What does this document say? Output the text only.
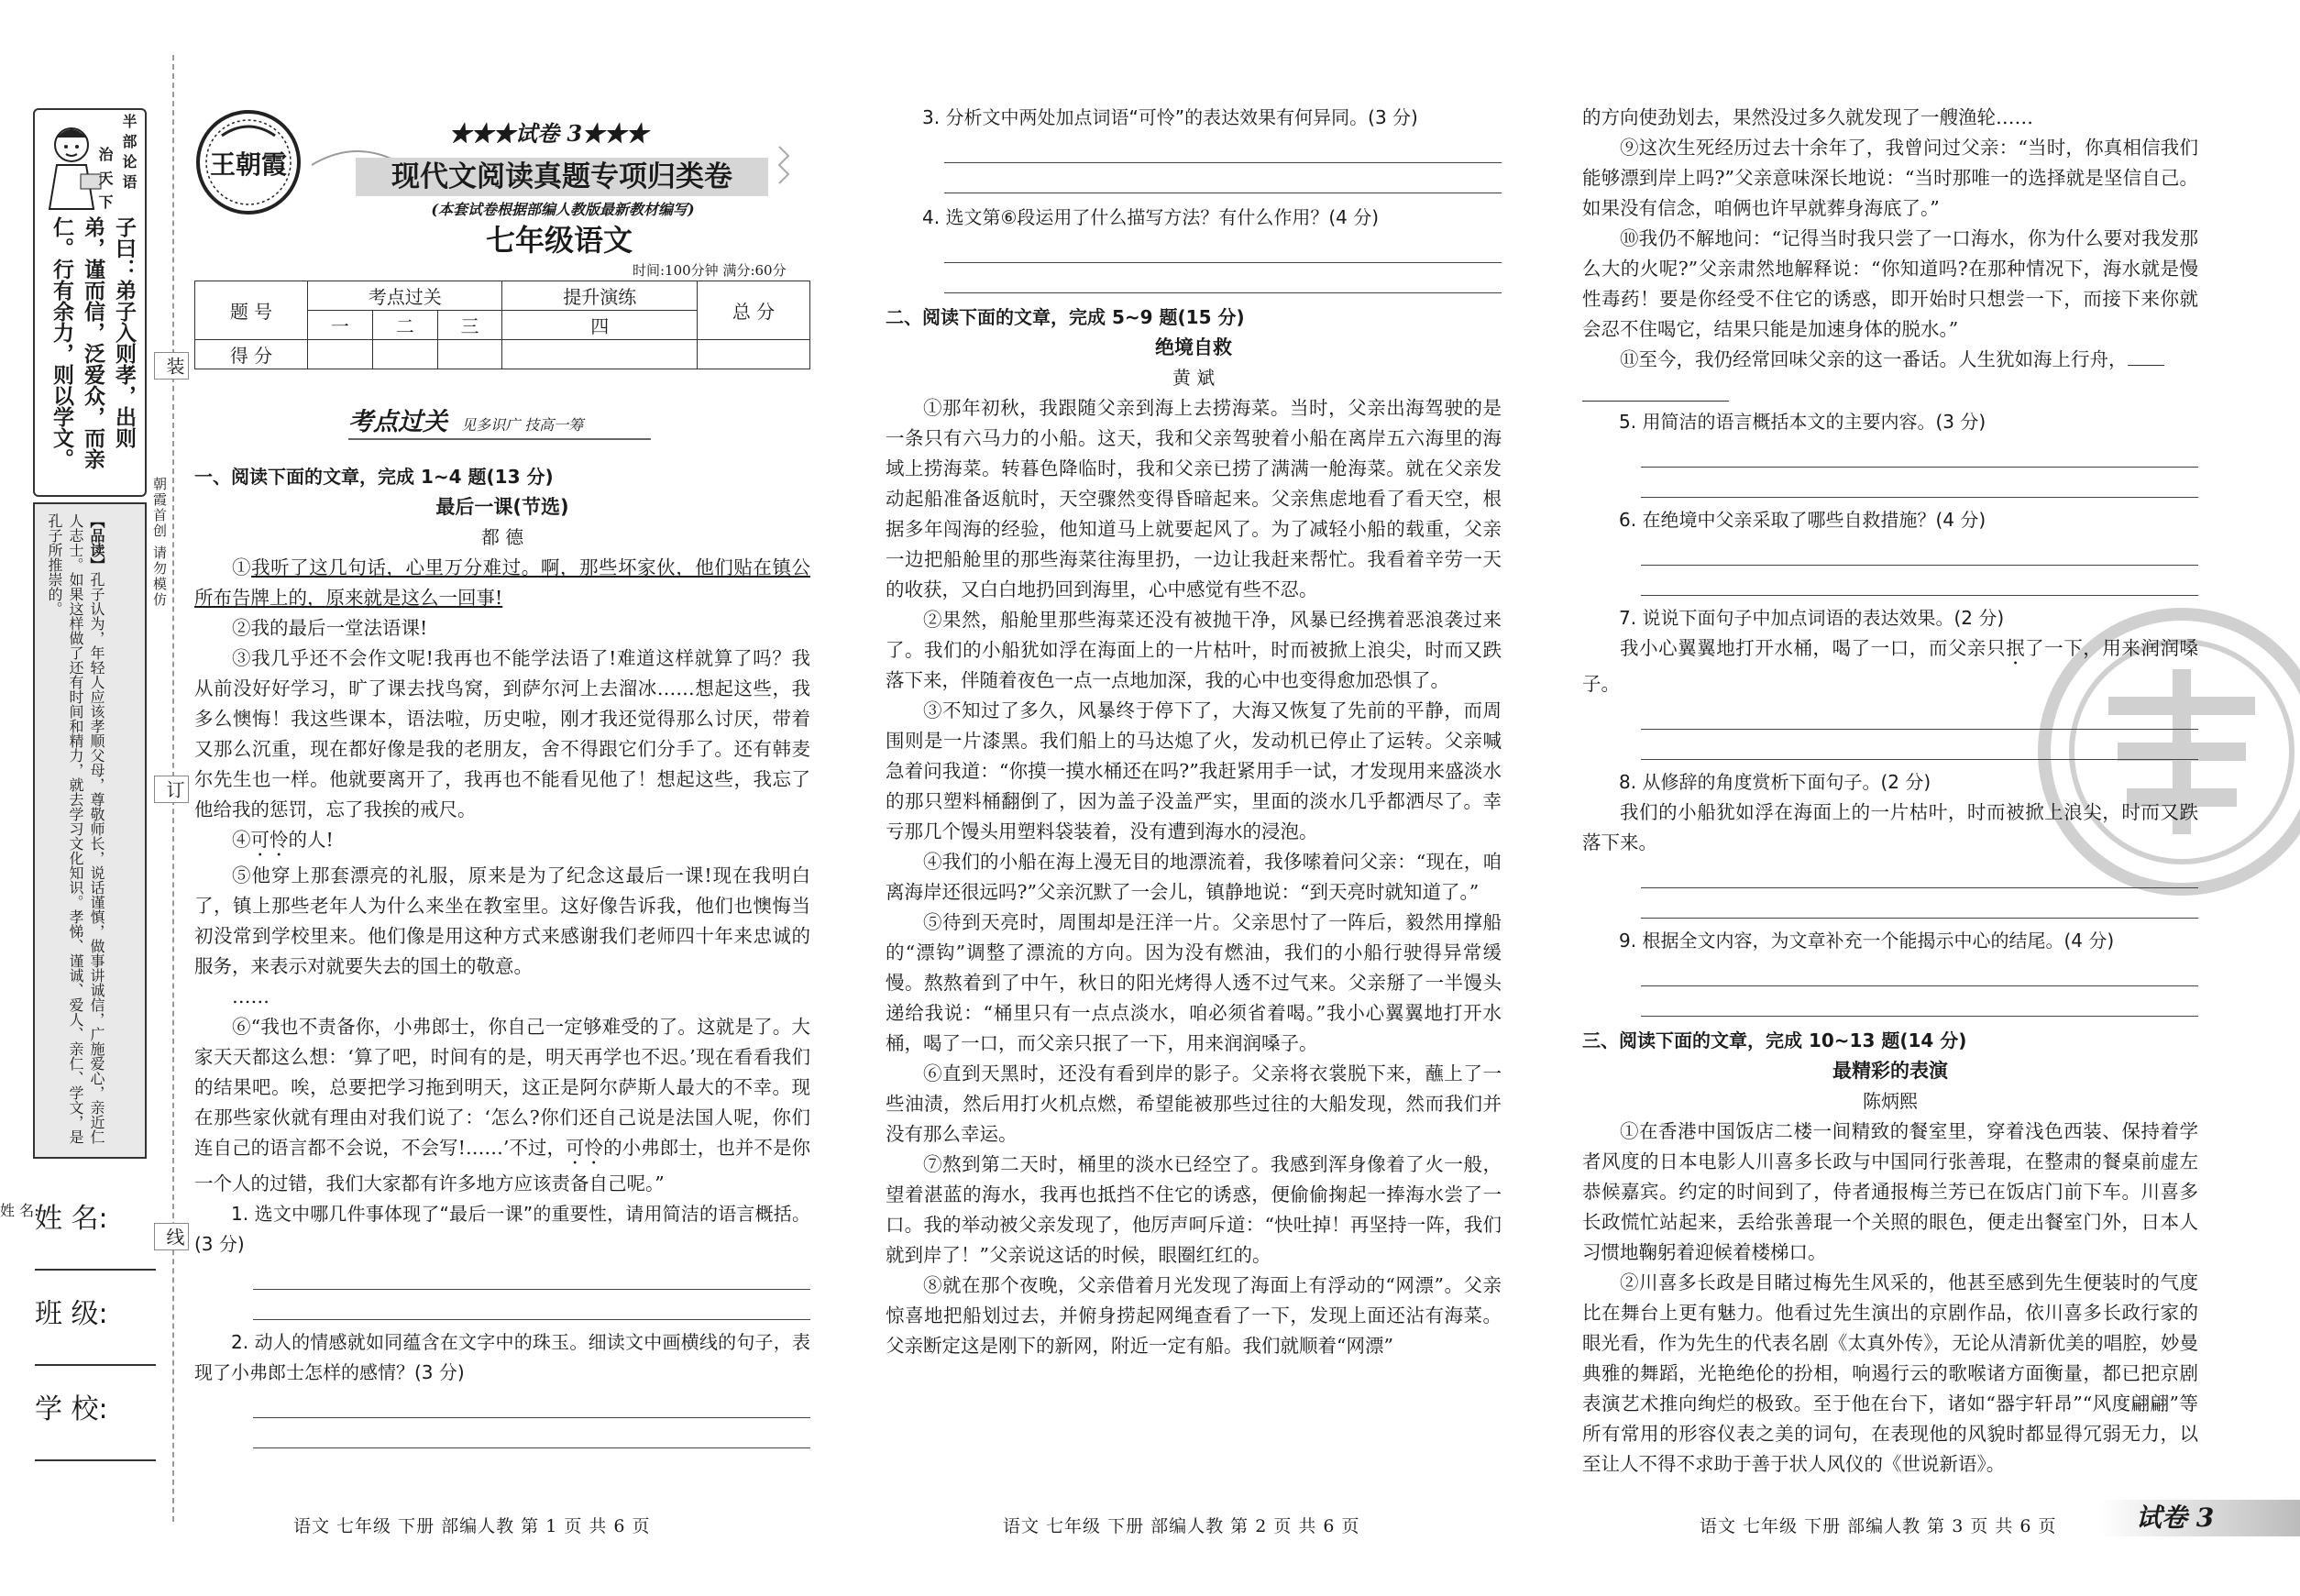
半部论语
治天下
子曰：弟子入则孝，出则弟，谨而信，泛爱众，而亲仁。行有余力，则以学文。
【品读】孔子认为，年轻人应该孝顺父母，尊敬师长，说话谨慎，做事讲诚信，广施爱心，亲近仁人志士。如果这样做了还有时间和精力，就去学习文化知识。孝悌、谨诚、爱人、亲仁、学文，是孔子所推崇的。	朝霞首创 请勿模仿
姓 名:
装
订
线
姓 名:
班 级:
学 校:
王朝霞
★★★试卷 3★★★
现代文阅读真题专项归类卷
(本套试卷根据部编人教版最新教材编写)
七年级语文
时间:100分钟 满分:60分
题 号	考点过关			提升演练	总 分
	一	二	三	四	
得 分					
考点过关 见多识广 技高一筹
一、阅读下面的文章，完成 1~4 题(13 分)
最后一课(节选)
都 德

①我听了这几句话，心里万分难过。啊，那些坏家伙，他们贴在镇公所布告牌上的，原来就是这么一回事!

②我的最后一堂法语课!

③我几乎还不会作文呢!我再也不能学法语了!难道这样就算了吗？我从前没好好学习，旷了课去找鸟窝，到萨尔河上去溜冰……想起这些，我多么懊悔！我这些课本，语法啦，历史啦，刚才我还觉得那么讨厌，带着又那么沉重，现在都好像是我的老朋友，舍不得跟它们分手了。还有韩麦尔先生也一样。他就要离开了，我再也不能看见他了！想起这些，我忘了他给我的惩罚，忘了我挨的戒尺。

④可怜的人!

⑤他穿上那套漂亮的礼服，原来是为了纪念这最后一课!现在我明白了，镇上那些老年人为什么来坐在教室里。这好像告诉我，他们也懊悔当初没常到学校里来。他们像是用这种方式来感谢我们老师四十年来忠诚的服务，来表示对就要失去的国土的敬意。

……

⑥“我也不责备你，小弗郎士，你自己一定够难受的了。这就是了。大家天天都这么想：‘算了吧，时间有的是，明天再学也不迟。’现在看看我们的结果吧。唉，总要把学习拖到明天，这正是阿尔萨斯人最大的不幸。现在那些家伙就有理由对我们说了：‘怎么?你们还自己说是法国人呢，你们连自己的语言都不会说，不会写!……’不过，可怜的小弗郎士，也并不是你一个人的过错，我们大家都有许多地方应该责备自己呢。”

1. 选文中哪几件事体现了“最后一课”的重要性，请用简洁的语言概括。(3 分)
2. 动人的情感就如同蕴含在文字中的珠玉。细读文中画横线的句子，表现了小弗郎士怎样的感情？(3 分)
语文 七年级 下册 部编人教 第 1 页 共 6 页
3. 分析文中两处加点词语“可怜”的表达效果有何异同。(3 分)
4. 选文第⑥段运用了什么描写方法？有什么作用？(4 分)
二、阅读下面的文章，完成 5~9 题(15 分)
绝境自救
黄 斌

①那年初秋，我跟随父亲到海上去捞海菜。当时，父亲出海驾驶的是一条只有六马力的小船。这天，我和父亲驾驶着小船在离岸五六海里的海域上捞海菜。转暮色降临时，我和父亲已捞了满满一舱海菜。就在父亲发动起船准备返航时，天空骤然变得昏暗起来。父亲焦虑地看了看天空，根据多年闯海的经验，他知道马上就要起风了。为了减轻小船的载重，父亲一边把船舱里的那些海菜往海里扔，一边让我赶来帮忙。我看着辛劳一天的收获，又白白地扔回到海里，心中感觉有些不忍。

②果然，船舱里那些海菜还没有被抛干净，风暴已经携着恶浪袭过来了。我们的小船犹如浮在海面上的一片枯叶，时而被掀上浪尖，时而又跌落下来，伴随着夜色一点一点地加深，我的心中也变得愈加恐惧了。

③不知过了多久，风暴终于停下了，大海又恢复了先前的平静，而周围则是一片漆黑。我们船上的马达熄了火，发动机已停止了运转。父亲喊急着问我道：“你摸一摸水桶还在吗?”我赶紧用手一试，才发现用来盛淡水的那只塑料桶翻倒了，因为盖子没盖严实，里面的淡水几乎都洒尽了。幸亏那几个馒头用塑料袋装着，没有遭到海水的浸泡。

④我们的小船在海上漫无目的地漂流着，我侈嗦着问父亲：“现在，咱离海岸还很远吗?”父亲沉默了一会儿，镇静地说：“到天亮时就知道了。”

⑤待到天亮时，周围却是汪洋一片。父亲思忖了一阵后，毅然用撑船的“漂钩”调整了漂流的方向。因为没有燃油，我们的小船行驶得异常缓慢。熬熬着到了中午，秋日的阳光烤得人透不过气来。父亲掰了一半馒头递给我说：“桶里只有一点点淡水，咱必须省着喝。”我小心翼翼地打开水桶，喝了一口，而父亲只抿了一下，用来润润嗓子。

⑥直到天黑时，还没有看到岸的影子。父亲将衣裳脱下来，蘸上了一些油渍，然后用打火机点燃，希望能被那些过往的大船发现，然而我们并没有那么幸运。

⑦熬到第二天时，桶里的淡水已经空了。我感到浑身像着了火一般，望着湛蓝的海水，我再也抵挡不住它的诱惑，便偷偷掬起一捧海水尝了一口。我的举动被父亲发现了，他厉声呵斥道：“快吐掉！再坚持一阵，我们就到岸了！”父亲说这话的时候，眼圈红红的。

⑧就在那个夜晚，父亲借着月光发现了海面上有浮动的“网漂”。父亲惊喜地把船划过去，并俯身捞起网绳查看了一下，发现上面还沾有海菜。父亲断定这是刚下的新网，附近一定有船。我们就顺着“网漂”

语文 七年级 下册 部编人教 第 2 页 共 6 页

的方向使劲划去，果然没过多久就发现了一艘渔轮……

⑨这次生死经历过去十余年了，我曾问过父亲：“当时，你真相信我们能够漂到岸上吗?”父亲意味深长地说：“当时那唯一的选择就是坚信自己。如果没有信念，咱俩也许早就葬身海底了。”

⑩我仍不解地问：“记得当时我只尝了一口海水，你为什么要对我发那么大的火呢?”父亲肃然地解释说：“你知道吗?在那种情况下，海水就是慢性毒药！要是你经受不住它的诱惑，即开始时只想尝一下，而接下来你就会忍不住喝它，结果只能是加速身体的脱水。”

⑪至今，我仍经常回味父亲的这一番话。人生犹如海上行舟，

5. 用简洁的语言概括本文的主要内容。(3 分)
6. 在绝境中父亲采取了哪些自救措施？(4 分)
7. 说说下面句子中加点词语的表达效果。(2 分)

我小心翼翼地打开水桶，喝了一口，而父亲只抿了一下，用来润润嗓子。

8. 从修辞的角度赏析下面句子。(2 分)

我们的小船犹如浮在海面上的一片枯叶，时而被掀上浪尖，时而又跌落下来。

9. 根据全文内容，为文章补充一个能揭示中心的结尾。(4 分)
三、阅读下面的文章，完成 10~13 题(14 分)
最精彩的表演
陈炳熙

①在香港中国饭店二楼一间精致的餐室里，穿着浅色西装、保持着学者风度的日本电影人川喜多长政与中国同行张善琨，在整肃的餐桌前虚左恭候嘉宾。约定的时间到了，侍者通报梅兰芳已在饭店门前下车。川喜多长政慌忙站起来，丢给张善琨一个关照的眼色，便走出餐室门外，日本人习惯地鞠躬着迎候着楼梯口。

②川喜多长政是目睹过梅先生风采的，他甚至感到先生便装时的气度比在舞台上更有魅力。他看过先生演出的京剧作品，依川喜多长政行家的眼光看，作为先生的代表名剧《太真外传》，无论从清新优美的唱腔，妙曼典雅的舞蹈，光艳绝伦的扮相，响遏行云的歌喉诸方面衡量，都已把京剧表演艺术推向绚烂的极致。至于他在台下，诸如“器宇轩昂”“风度翩翩”等所有常用的形容仪表之美的词句，在表现他的风貌时都显得冗弱无力，以至让人不得不求助于善于状人风仪的《世说新语》。

语文 七年级 下册 部编人教 第 3 页 共 6 页	试卷 3
